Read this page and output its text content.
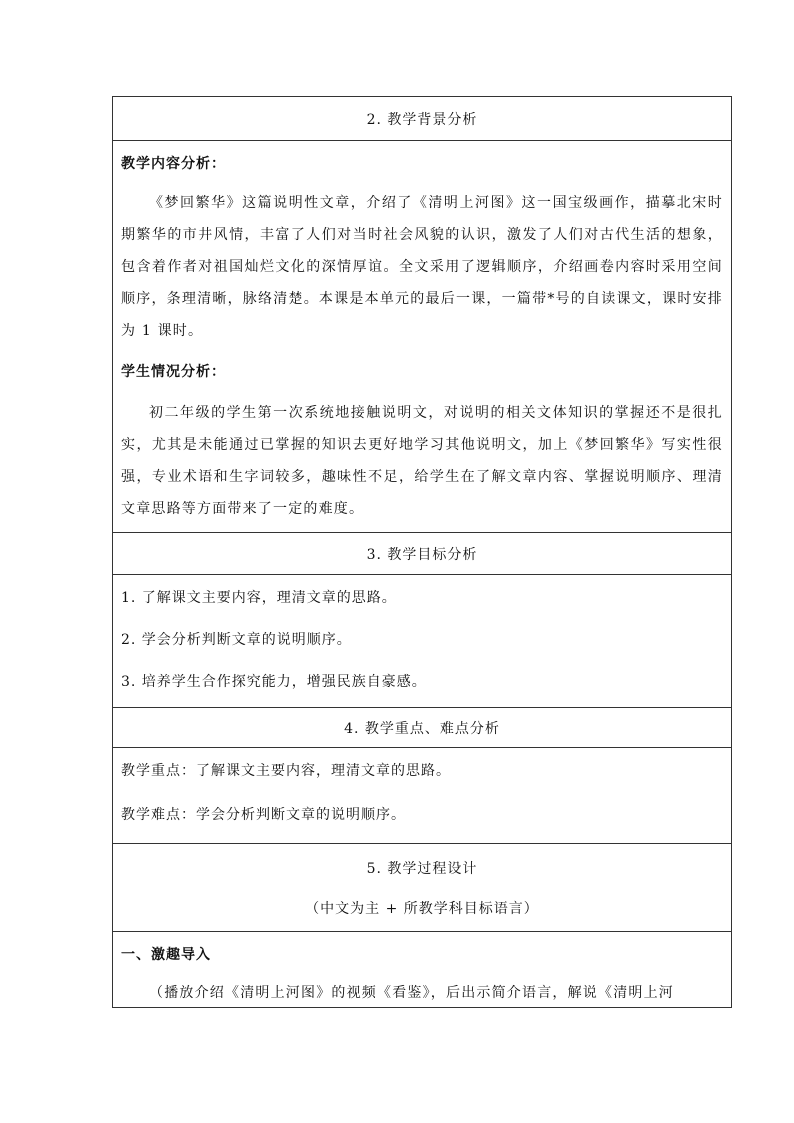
2. 教学背景分析

教学内容分析：

《梦回繁华》这篇说明性文章，介绍了《清明上河图》这一国宝级画作，描摹北宋时期繁华的市井风情，丰富了人们对当时社会风貌的认识，激发了人们对古代生活的想象，包含着作者对祖国灿烂文化的深情厚谊。全文采用了逻辑顺序，介绍画卷内容时采用空间顺序，条理清晰，脉络清楚。本课是本单元的最后一课，一篇带*号的自读课文，课时安排为 1 课时。

学生情况分析：

初二年级的学生第一次系统地接触说明文，对说明的相关文体知识的掌握还不是很扎实，尤其是未能通过已掌握的知识去更好地学习其他说明文，加上《梦回繁华》写实性很强，专业术语和生字词较多，趣味性不足，给学生在了解文章内容、掌握说明顺序、理清文章思路等方面带来了一定的难度。

3. 教学目标分析

1. 了解课文主要内容，理清文章的思路。
2. 学会分析判断文章的说明顺序。
3. 培养学生合作探究能力，增强民族自豪感。

4. 教学重点、难点分析

教学重点：了解课文主要内容，理清文章的思路。
教学难点：学会分析判断文章的说明顺序。

5. 教学过程设计
（中文为主 + 所教学科目标语言）

一、激趣导入
（播放介绍《清明上河图》的视频《看鉴》，后出示简介语言，解说《清明上河
